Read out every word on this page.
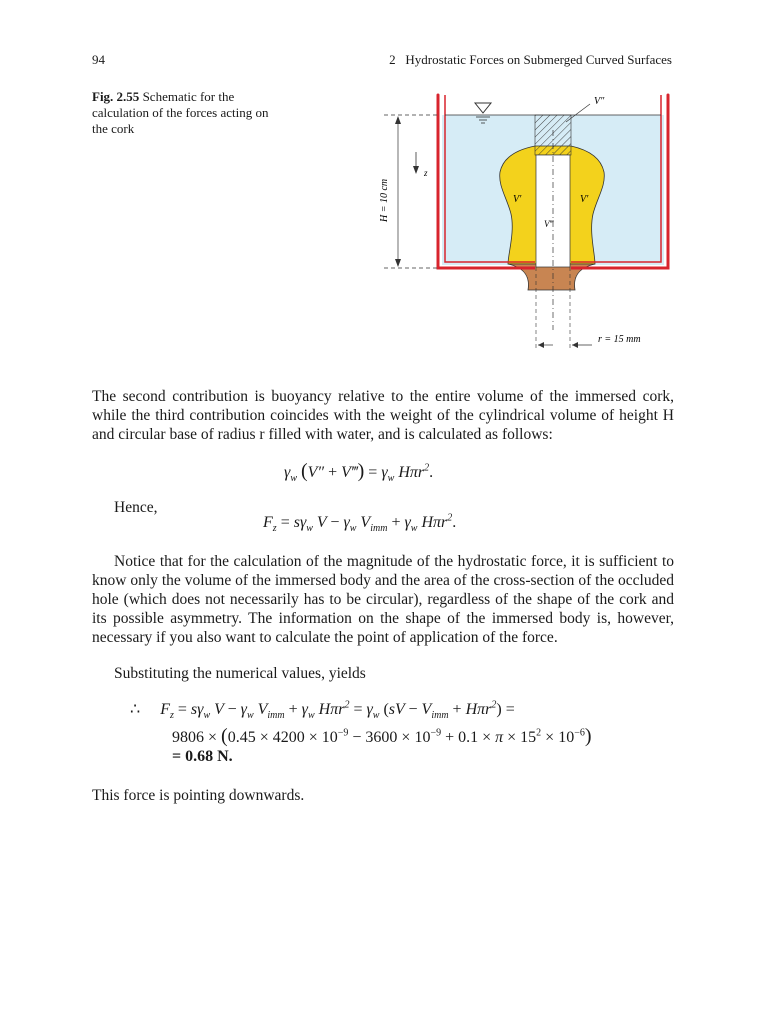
94	2   Hydrostatic Forces on Submerged Curved Surfaces
Fig. 2.55 Schematic for the calculation of the forces acting on the cork
r = 15 mm
H = 10 cm
z
V″
V′	V′
V‴
The second contribution is buoyancy relative to the entire volume of the immersed cork, while the third contribution coincides with the weight of the cylindrical volume of height H and circular base of radius r filled with water, and is calculated as follows:
$\gamma_w$ (V″ + V‴) = $\gamma_w$ Hπr$^2$.
Hence,
$F_z = s\gamma_w$ $V - \gamma_w$ $V_{imm} + \gamma_w$ Hπr$^2$.
Notice that for the calculation of the magnitude of the hydrostatic force, it is sufficient to know only the volume of the immersed body and the area of the cross-section of the occluded hole (which does not necessarily has to be circular), regardless of the shape of the cork and its possible asymmetry. The information on the shape of the immersed body is, however, necessary if you also want to calculate the point of application of the force.
Substituting the numerical values, yields
∴     $F_z = s\gamma_w$ $V - \gamma_w$ $V_{imm} + \gamma_w$ $H\pi r^2 = \gamma_w$ $(sV - V_{imm} + H\pi r^2)$ =
$9806 \times (0.45 \times 4200 \times 10^{-9} - 3600 \times 10^{-9} + 0.1 \times \pi \times 15^2 \times 10^{-6})$
= 0.68 N.
This force is pointing downwards.
